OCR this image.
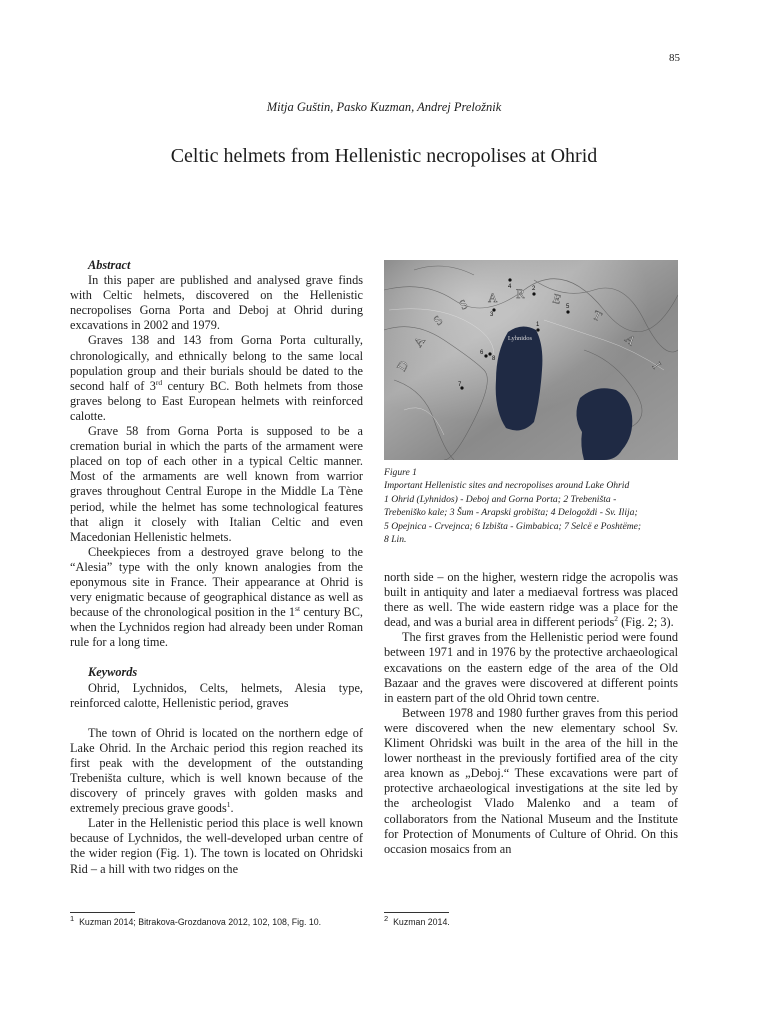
85
Mitja Guštin, Pasko Kuzman, Andrej Preložnik
Celtic helmets from Hellenistic necropolises at Ohrid
Abstract

In this paper are published and analysed grave finds with Celtic helmets, discovered on the Hellenistic necropolises Gorna Porta and Deboj at Ohrid during excavations in 2002 and 1979.

Graves 138 and 143 from Gorna Porta culturally, chronologically, and ethnically belong to the same local population group and their burials should be dated to the second half of 3rd century BC. Both helmets from those graves belong to East European helmets with reinforced calotte.

Grave 58 from Gorna Porta is supposed to be a cremation burial in which the parts of the armament were placed on top of each other in a typical Celtic manner. Most of the armaments are well known from warrior graves throughout Central Europe in the Middle La Tène period, while the helmet has some technological features that align it closely with Italian Celtic and even Macedonian Hellenistic helmets.

Cheekpieces from a destroyed grave belong to the “Alesia” type with the only known analogies from the eponymous site in France. Their appearance at Ohrid is very enigmatic because of geographical distance as well as because of the chronological position in the 1st century BC, when the Lychnidos region had already been under Roman rule for a long time.

Keywords

Ohrid, Lychnidos, Celts, helmets, Alesia type, reinforced calotte, Hellenistic period, graves

The town of Ohrid is located on the northern edge of Lake Ohrid. In the Archaic period this region reached its first peak with the development of the outstanding Trebeništa culture, which is well known because of the discovery of princely graves with golden masks and extremely precious grave goods$^1$.

Later in the Hellenistic period this place is well known because of Lychnidos, the well-developed urban centre of the wider region (Fig. 1). The town is located on Ohridski Rid – a hill with two ridges on the

Lyhnidos
D
A
S
S A R E
T
A
I
1
2
3
4
5
6
7
8
Figure 1
Important Hellenistic sites and necropolises around Lake Ohrid
1 Ohrid (Lyhnidos) - Deboj and Gorna Porta; 2 Trebeništa -
Trebeniško kale; 3 Šum - Arapski grobišta; 4 Delogoždi - Sv. Ilija;
5 Opejnica - Crvejnca; 6 Izbišta - Gimbabica; 7 Selcë e Poshtëme;
8 Lin.

north side – on the higher, western ridge the acropolis was built in antiquity and later a mediaeval fortress was placed there as well. The wide eastern ridge was a place for the dead, and was a burial area in different periods$^2$ (Fig. 2; 3).

The first graves from the Hellenistic period were found between 1971 and in 1976 by the protective archaeological excavations on the eastern edge of the area of the Old Bazaar and the graves were discovered at different points in eastern part of the old Ohrid town centre.

Between 1978 and 1980 further graves from this period were discovered when the new elementary school Sv. Kliment Ohridski was built in the area of the hill in the lower northeast in the previously fortified area of the city area known as „Deboj.“ These excavations were part of protective archaeological investigations at the site led by the archeologist Vlado Malenko and a team of collaborators from the National Museum and the Institute for Protection of Monuments of Culture of Ohrid. On this occasion mosaics from an

$^1$ Kuzman 2014; Bitrakova-Grozdanova 2012, 102, 108, Fig. 10.	$^2$ Kuzman 2014.
